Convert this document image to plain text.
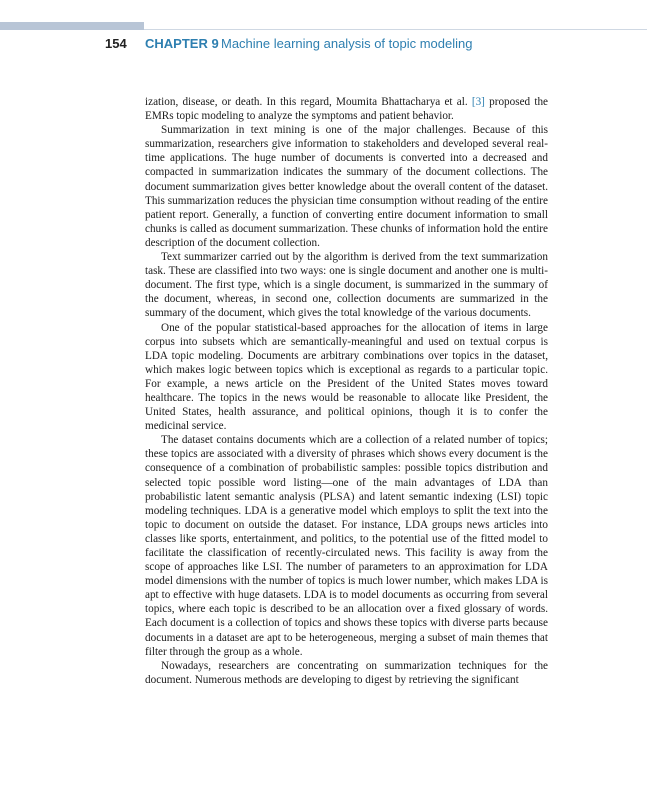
154 CHAPTER 9 Machine learning analysis of topic modeling

ization, disease, or death. In this regard, Moumita Bhattacharya et al. [3] proposed the EMRs topic modeling to analyze the symptoms and patient behavior.

Summarization in text mining is one of the major challenges. Because of this summarization, researchers give information to stakeholders and developed several real-time applications. The huge number of documents is converted into a decreased and compacted in summarization indicates the summary of the document collections. The document summarization gives better knowledge about the overall content of the dataset. This summarization reduces the physician time consumption without reading of the entire patient report. Generally, a function of converting entire document information to small chunks is called as document summarization. These chunks of information hold the entire description of the document collection.

Text summarizer carried out by the algorithm is derived from the text summarization task. These are classified into two ways: one is single document and another one is multi-document. The first type, which is a single document, is summarized in the summary of the document, whereas, in second one, collection documents are summarized in the summary of the document, which gives the total knowledge of the various documents.

One of the popular statistical-based approaches for the allocation of items in large corpus into subsets which are semantically-meaningful and used on textual corpus is LDA topic modeling. Documents are arbitrary combinations over topics in the dataset, which makes logic between topics which is exceptional as regards to a particular topic. For example, a news article on the President of the United States moves toward healthcare. The topics in the news would be reasonable to allocate like President, the United States, health assurance, and political opinions, though it is to confer the medicinal service.

The dataset contains documents which are a collection of a related number of topics; these topics are associated with a diversity of phrases which shows every document is the consequence of a combination of probabilistic samples: possible topics distribution and selected topic possible word listing—one of the main advantages of LDA than probabilistic latent semantic analysis (PLSA) and latent semantic indexing (LSI) topic modeling techniques. LDA is a generative model which employs to split the text into the topic to document on outside the dataset. For instance, LDA groups news articles into classes like sports, entertainment, and politics, to the potential use of the fitted model to facilitate the classification of recently-circulated news. This facility is away from the scope of approaches like LSI. The number of parameters to an approximation for LDA model dimensions with the number of topics is much lower number, which makes LDA is apt to effective with huge datasets. LDA is to model documents as occurring from several topics, where each topic is described to be an allocation over a fixed glossary of words. Each document is a collection of topics and shows these topics with diverse parts because documents in a dataset are apt to be heterogeneous, merging a subset of main themes that filter through the group as a whole.

Nowadays, researchers are concentrating on summarization techniques for the document. Numerous methods are developing to digest by retrieving the significant
